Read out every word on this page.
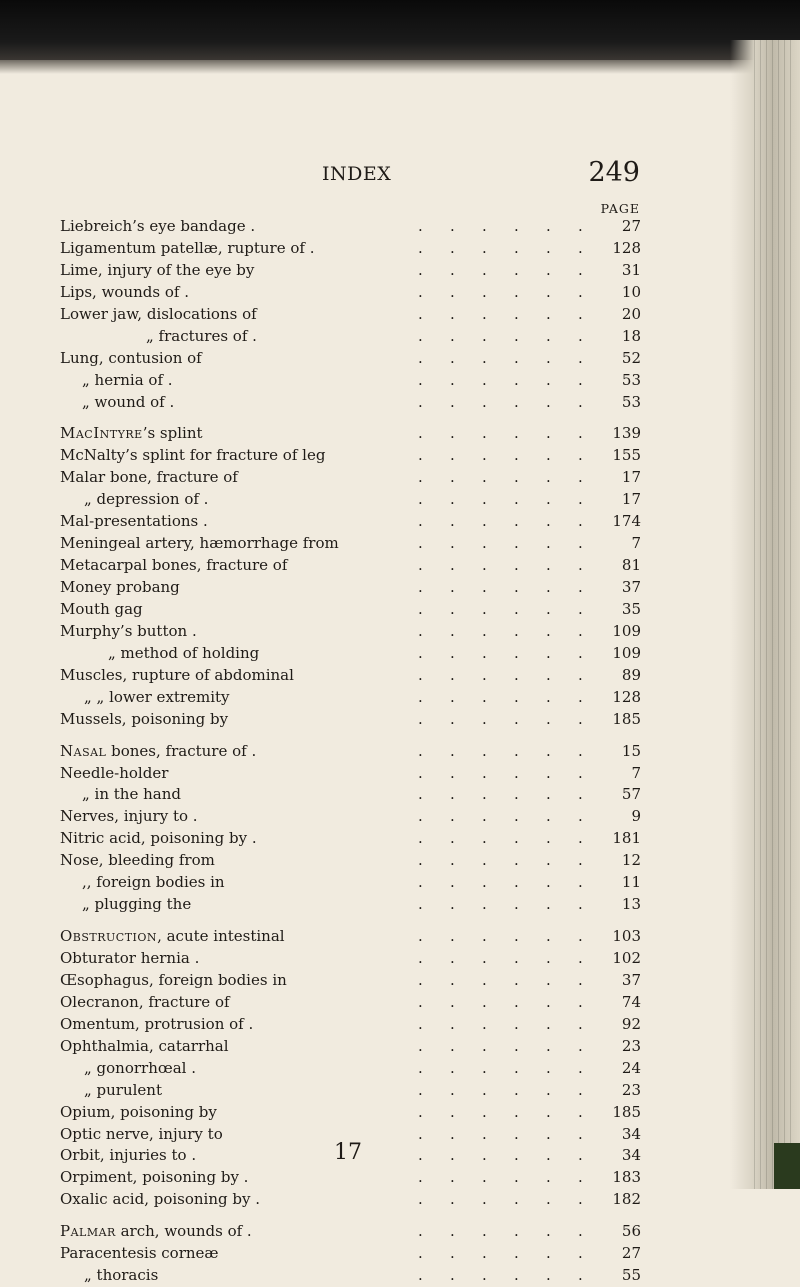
INDEX	249
PAGE
Liebreich’s eye bandage .	. . . . . .	27
Ligamentum patellæ, rupture of .	. . . . . . 128
Lime, injury of the eye by	. . . . . .	31
Lips, wounds of .	. . . . . .	10
Lower jaw, dislocations of	. . . . . .	20
„ fractures of .	. . . . . .	18
Lung, contusion of	. . . . . .	52
„ hernia of .	. . . . . .	53
„ wound of .	. . . . . .	53
MacIntyre’s splint	. . . . . . 139
McNalty’s splint for fracture of leg	. . . . . . 155
Malar bone, fracture of	. . . . . .	17
„ depression of .	. . . . . .	17
Mal-presentations .	. . . . . . 174
Meningeal artery, hæmorrhage from	. . . . . .	7
Metacarpal bones, fracture of	. . . . . .	81
Money probang	. . . . . .	37
Mouth gag	. . . . . .	35
Murphy’s button .	. . . . . . 109
„ method of holding	. . . . . . 109
Muscles, rupture of abdominal	. . . . . .	89
„ „ lower extremity	. . . . . . 128
Mussels, poisoning by	. . . . . . 185
Nasal bones, fracture of .	. . . . . .	15
Needle-holder	. . . . . .	7
„ in the hand	. . . . . .	57
Nerves, injury to .	. . . . . .	9
Nitric acid, poisoning by .	. . . . . . 181
Nose, bleeding from	. . . . . .	12
,, foreign bodies in	. . . . . .	11
„ plugging the	. . . . . .	13
Obstruction, acute intestinal	. . . . . . 103
Obturator hernia .	. . . . . . 102
Œsophagus, foreign bodies in	. . . . . .	37
Olecranon, fracture of	. . . . . .	74
Omentum, protrusion of .	. . . . . .	92
Ophthalmia, catarrhal	. . . . . .	23
„ gonorrhœal .	. . . . . .	24
„ purulent	. . . . . .	23
Opium, poisoning by	. . . . . . 185
Optic nerve, injury to	. . . . . .	34
Orbit, injuries to .	. . . . . .	34
Orpiment, poisoning by .	. . . . . . 183
Oxalic acid, poisoning by .	. . . . . . 182
Palmar arch, wounds of .	. . . . . .	56
Paracentesis corneæ	. . . . . .	27
„ thoracis	. . . . . .	55
17
